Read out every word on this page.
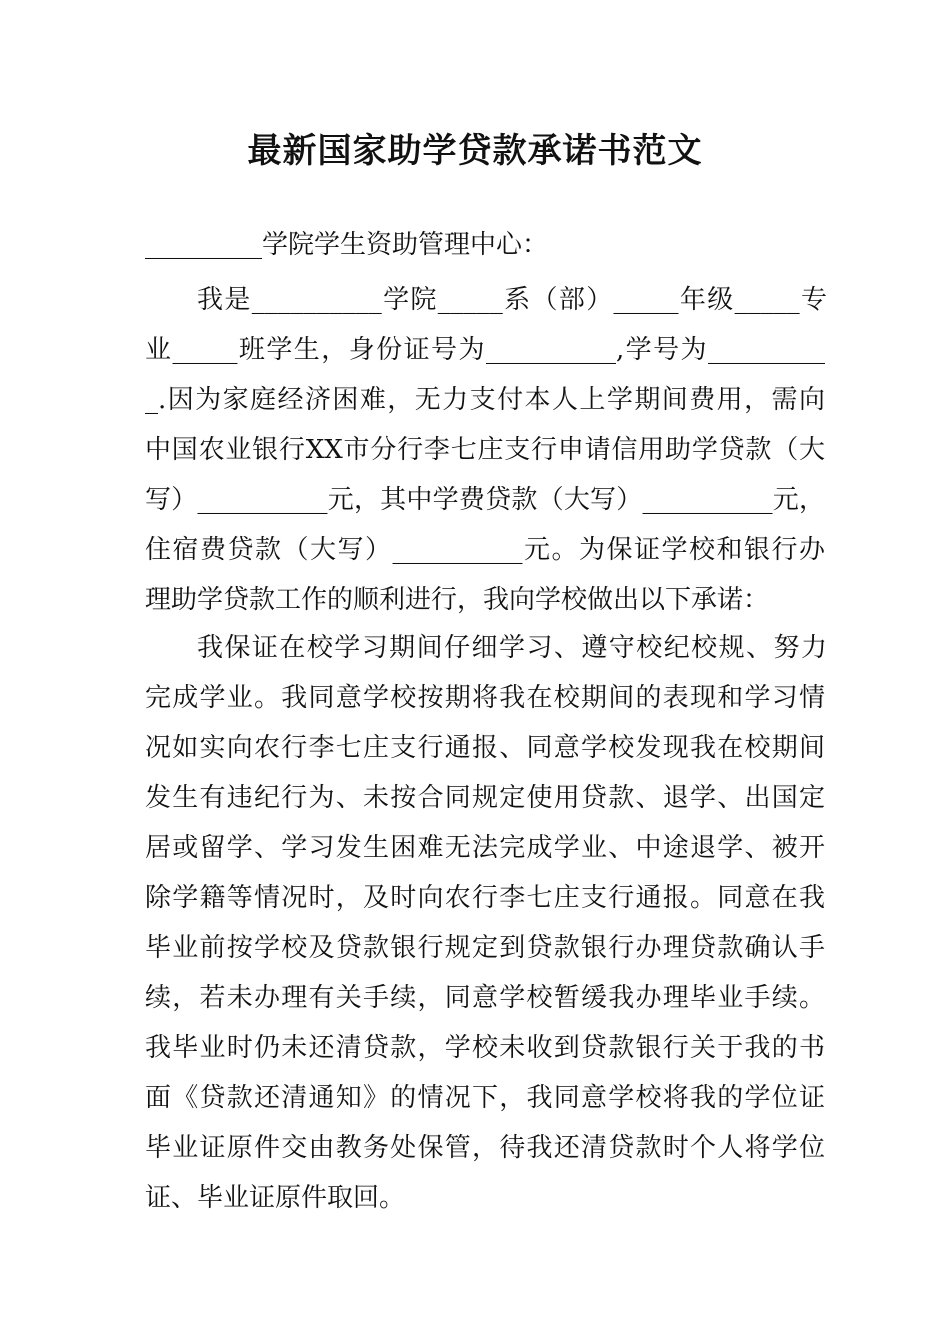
最新国家助学贷款承诺书范文
_________学院学生资助管理中心：
我是__________学院_____系（部）_____年级_____专
业_____班学生，身份证号为__________,学号为_________
_.因为家庭经济困难，无力支付本人上学期间费用，需向
中国农业银行XX市分行李七庄支行申请信用助学贷款（大
写）__________元，其中学费贷款（大写）__________元，
住宿费贷款（大写）__________元。为保证学校和银行办
理助学贷款工作的顺利进行，我向学校做出以下承诺：
我保证在校学习期间仔细学习、遵守校纪校规、努力
完成学业。我同意学校按期将我在校期间的表现和学习情
况如实向农行李七庄支行通报、同意学校发现我在校期间
发生有违纪行为、未按合同规定使用贷款、退学、出国定
居或留学、学习发生困难无法完成学业、中途退学、被开
除学籍等情况时，及时向农行李七庄支行通报。同意在我
毕业前按学校及贷款银行规定到贷款银行办理贷款确认手
续，若未办理有关手续，同意学校暂缓我办理毕业手续。
我毕业时仍未还清贷款，学校未收到贷款银行关于我的书
面《贷款还清通知》的情况下，我同意学校将我的学位证
毕业证原件交由教务处保管，待我还清贷款时个人将学位
证、毕业证原件取回。
